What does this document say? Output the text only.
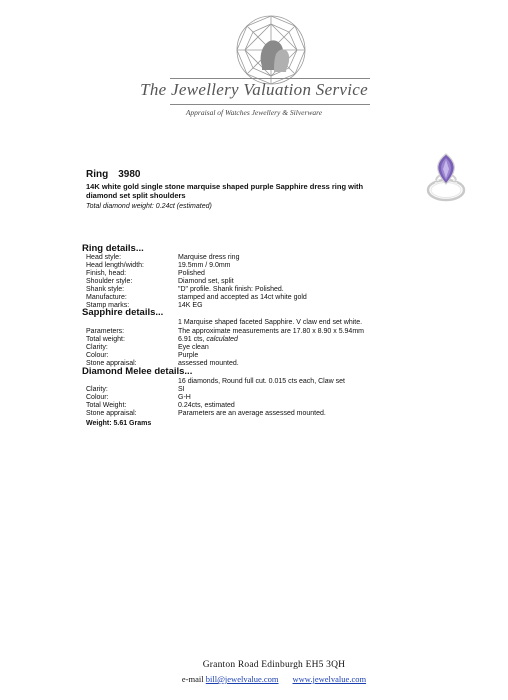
The Jewellery Valuation Service
Appraisal of Watches Jewellery & Silverware
Ring 3980
14K white gold single stone marquise shaped purple Sapphire dress ring with diamond set split shoulders
Total diamond weight: 0.24ct (estimated)
Ring details...
Head style:	Marquise dress ring
Head length/width:	19.5mm / 9.0mm
Finish, head:	Polished
Shoulder style:	Diamond set, split
Shank style:	"D" profile. Shank finish: Polished.
Manufacture:	stamped and accepted as 14ct white gold
Stamp marks:	14K EG
Sapphire details...
1 Marquise shaped faceted Sapphire. V claw end set white.
Parameters:	The approximate measurements are 17.80 x 8.90 x 5.94mm
Total weight:	6.91 cts, calculated
Clarity:	Eye clean
Colour:	Purple
Stone appraisal:	assessed mounted.
Diamond Melee details...
16 diamonds, Round full cut. 0.015 cts each, Claw set
Clarity:	SI
Colour:	G-H
Total Weight:	0.24cts, estimated
Stone appraisal:	Parameters are an average assessed mounted.
Weight: 5.61 Grams
Granton Road Edinburgh EH5 3QH
e-mail bill@jewelvalue.com www.jewelvalue.com
